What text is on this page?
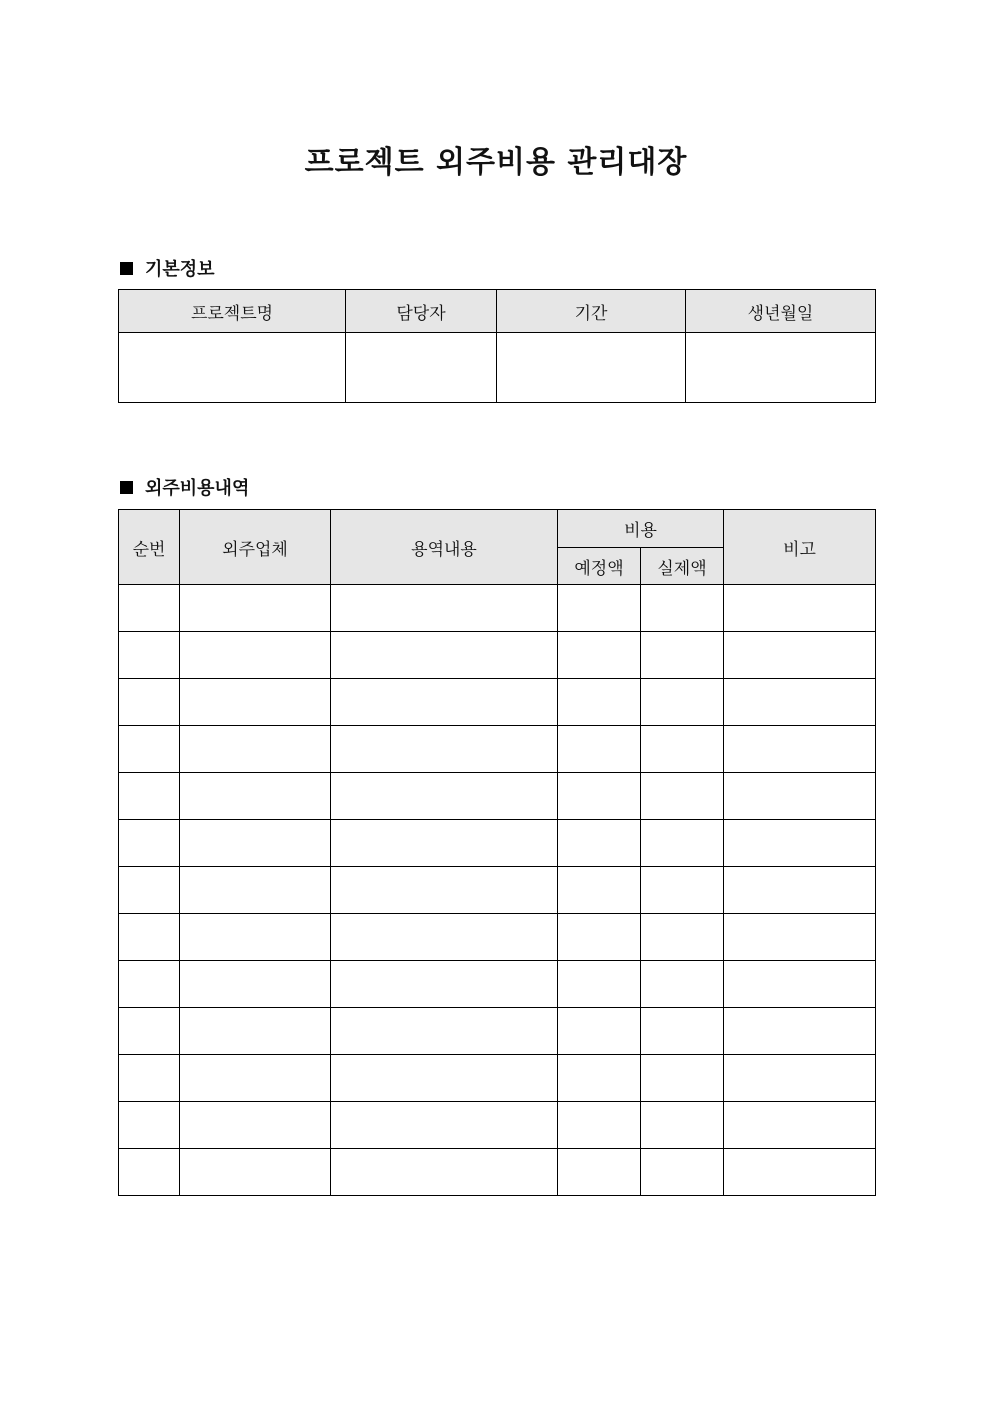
프로젝트 외주비용 관리대장
기본정보
프로젝트명	담당자	기간	생년월일

외주비용내역
순번	외주업체	용역내용	비용		비고
			예정액	실제액	
